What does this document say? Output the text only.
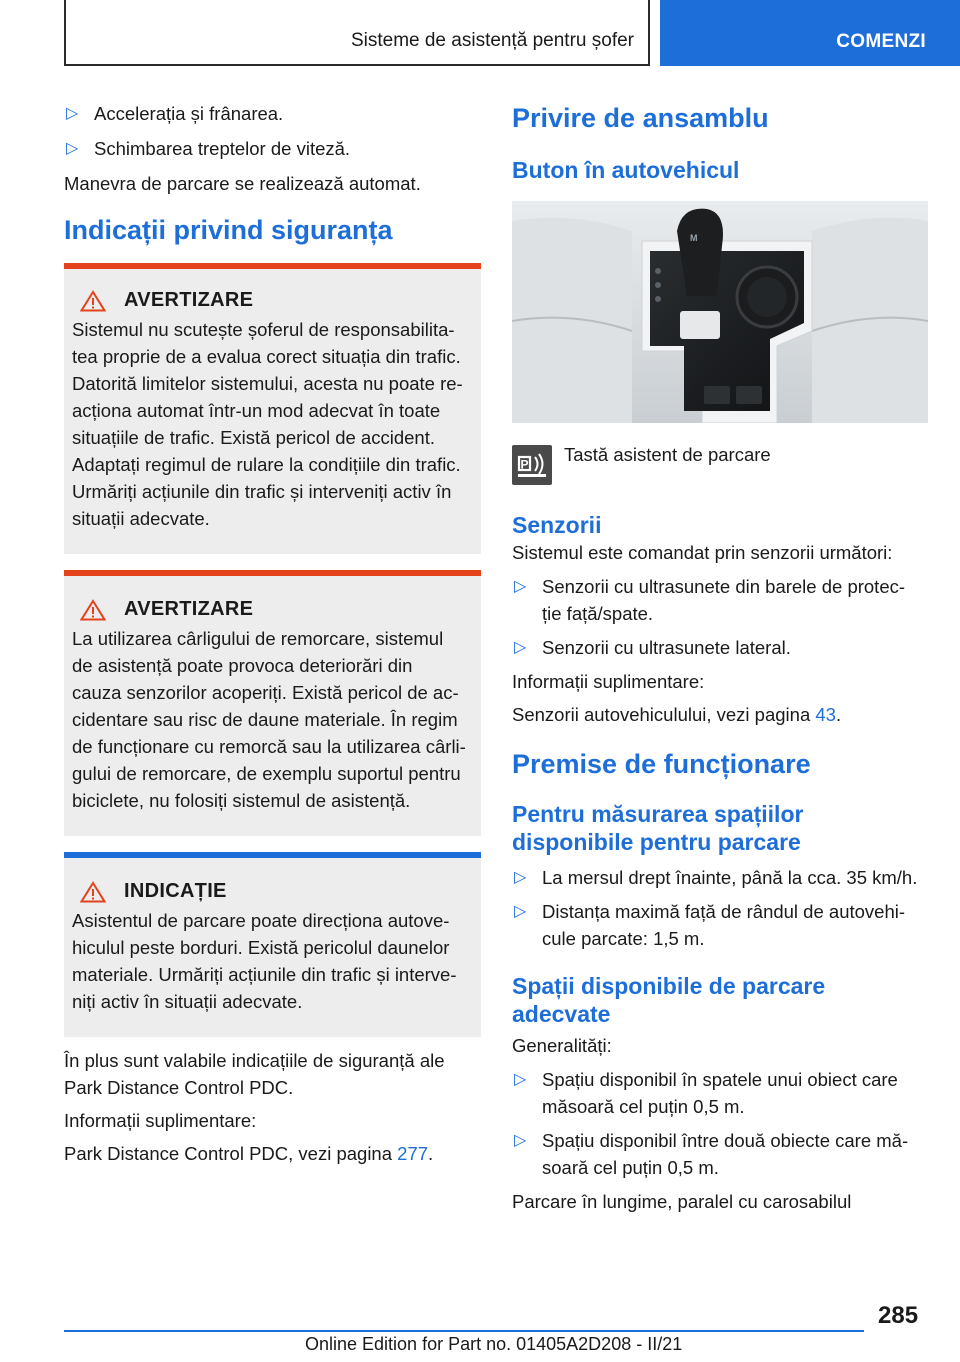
Sisteme de asistență pentru șofer	COMENZI
▷ Accelerația și frânarea.
▷ Schimbarea treptelor de viteză.

Manevra de parcare se realizează automat.

Indicații privind siguranța
AVERTIZARE
Sistemul nu scutește șoferul de responsabilita-
tea proprie de a evalua corect situația din trafic.
Datorită limitelor sistemului, acesta nu poate re-
acționa automat într-un mod adecvat în toate
situațiile de trafic. Există pericol de accident.
Adaptați regimul de rulare la condițiile din trafic.
Urmăriți acțiunile din trafic și interveniți activ în
situații adecvate.
AVERTIZARE
La utilizarea cârligului de remorcare, sistemul
de asistență poate provoca deteriorări din
cauza senzorilor acoperiți. Există pericol de ac-
cidentare sau risc de daune materiale. În regim
de funcționare cu remorcă sau la utilizarea cârli-
gului de remorcare, de exemplu suportul pentru
biciclete, nu folosiți sistemul de asistență.
INDICAȚIE
Asistentul de parcare poate direcționa autove-
hiculul peste borduri. Există pericolul daunelor
materiale. Urmăriți acțiunile din trafic și interve-
niți activ în situații adecvate.

În plus sunt valabile indicațiile de siguranță ale
Park Distance Control PDC.

Informații suplimentare:

Park Distance Control PDC, vezi pagina 277.

Privire de ansamblu
Buton în autovehicul
M
P Tastă asistent de parcare
Senzorii

Sistemul este comandat prin senzorii următori:

▷ Senzorii cu ultrasunete din barele de protec-
ție față/spate.
▷ Senzorii cu ultrasunete lateral.

Informații suplimentare:

Senzorii autovehiculului, vezi pagina 43.

Premise de funcționare
Pentru măsurarea spațiilor
disponibile pentru parcare
▷ La mersul drept înainte, până la cca. 35 km/h.
▷ Distanța maximă față de rândul de autovehi-
cule parcate: 1,5 m.
Spații disponibile de parcare
adecvate

Generalități:

▷ Spațiu disponibil în spatele unui obiect care
măsoară cel puțin 0,5 m.
▷ Spațiu disponibil între două obiecte care mă-
soară cel puțin 0,5 m.

Parcare în lungime, paralel cu carosabilul

285
Online Edition for Part no. 01405A2D208 - II/21
